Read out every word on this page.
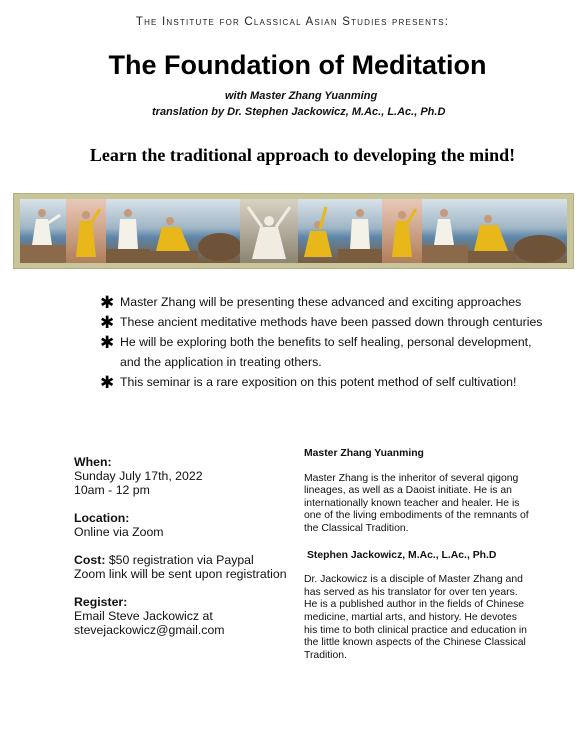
The Institute for Classical Asian Studies presents:
The Foundation of Meditation
with Master Zhang Yuanming
translation by Dr. Stephen Jackowicz, M.Ac., L.Ac., Ph.D
Learn the traditional approach to developing the mind!
✱ Master Zhang will be presenting these advanced and exciting approaches
✱ These ancient meditative methods have been passed down through centuries
✱ He will be exploring both the benefits to self healing, personal development,
and the application in treating others.
✱ This seminar is a rare exposition on this potent method of self cultivation!
When:
Sunday July 17th, 2022
10am - 12 pm
Location:
Online via Zoom
Cost: $50 registration via Paypal
Zoom link will be sent upon registration
Register:
Email Steve Jackowicz at
stevejackowicz@gmail.com
Master Zhang Yuanming

Master Zhang is the inheritor of several qigong lineages, as well as a Daoist initiate. He is an internationally known teacher and healer. He is one of the living embodiments of the remnants of the Classical Tradition.

Stephen Jackowicz, M.Ac., L.Ac., Ph.D

Dr. Jackowicz is a disciple of Master Zhang and has served as his translator for over ten years. He is a published author in the fields of Chinese medicine, martial arts, and history. He devotes his time to both clinical practice and education in the little known aspects of the Chinese Classical Tradition.
